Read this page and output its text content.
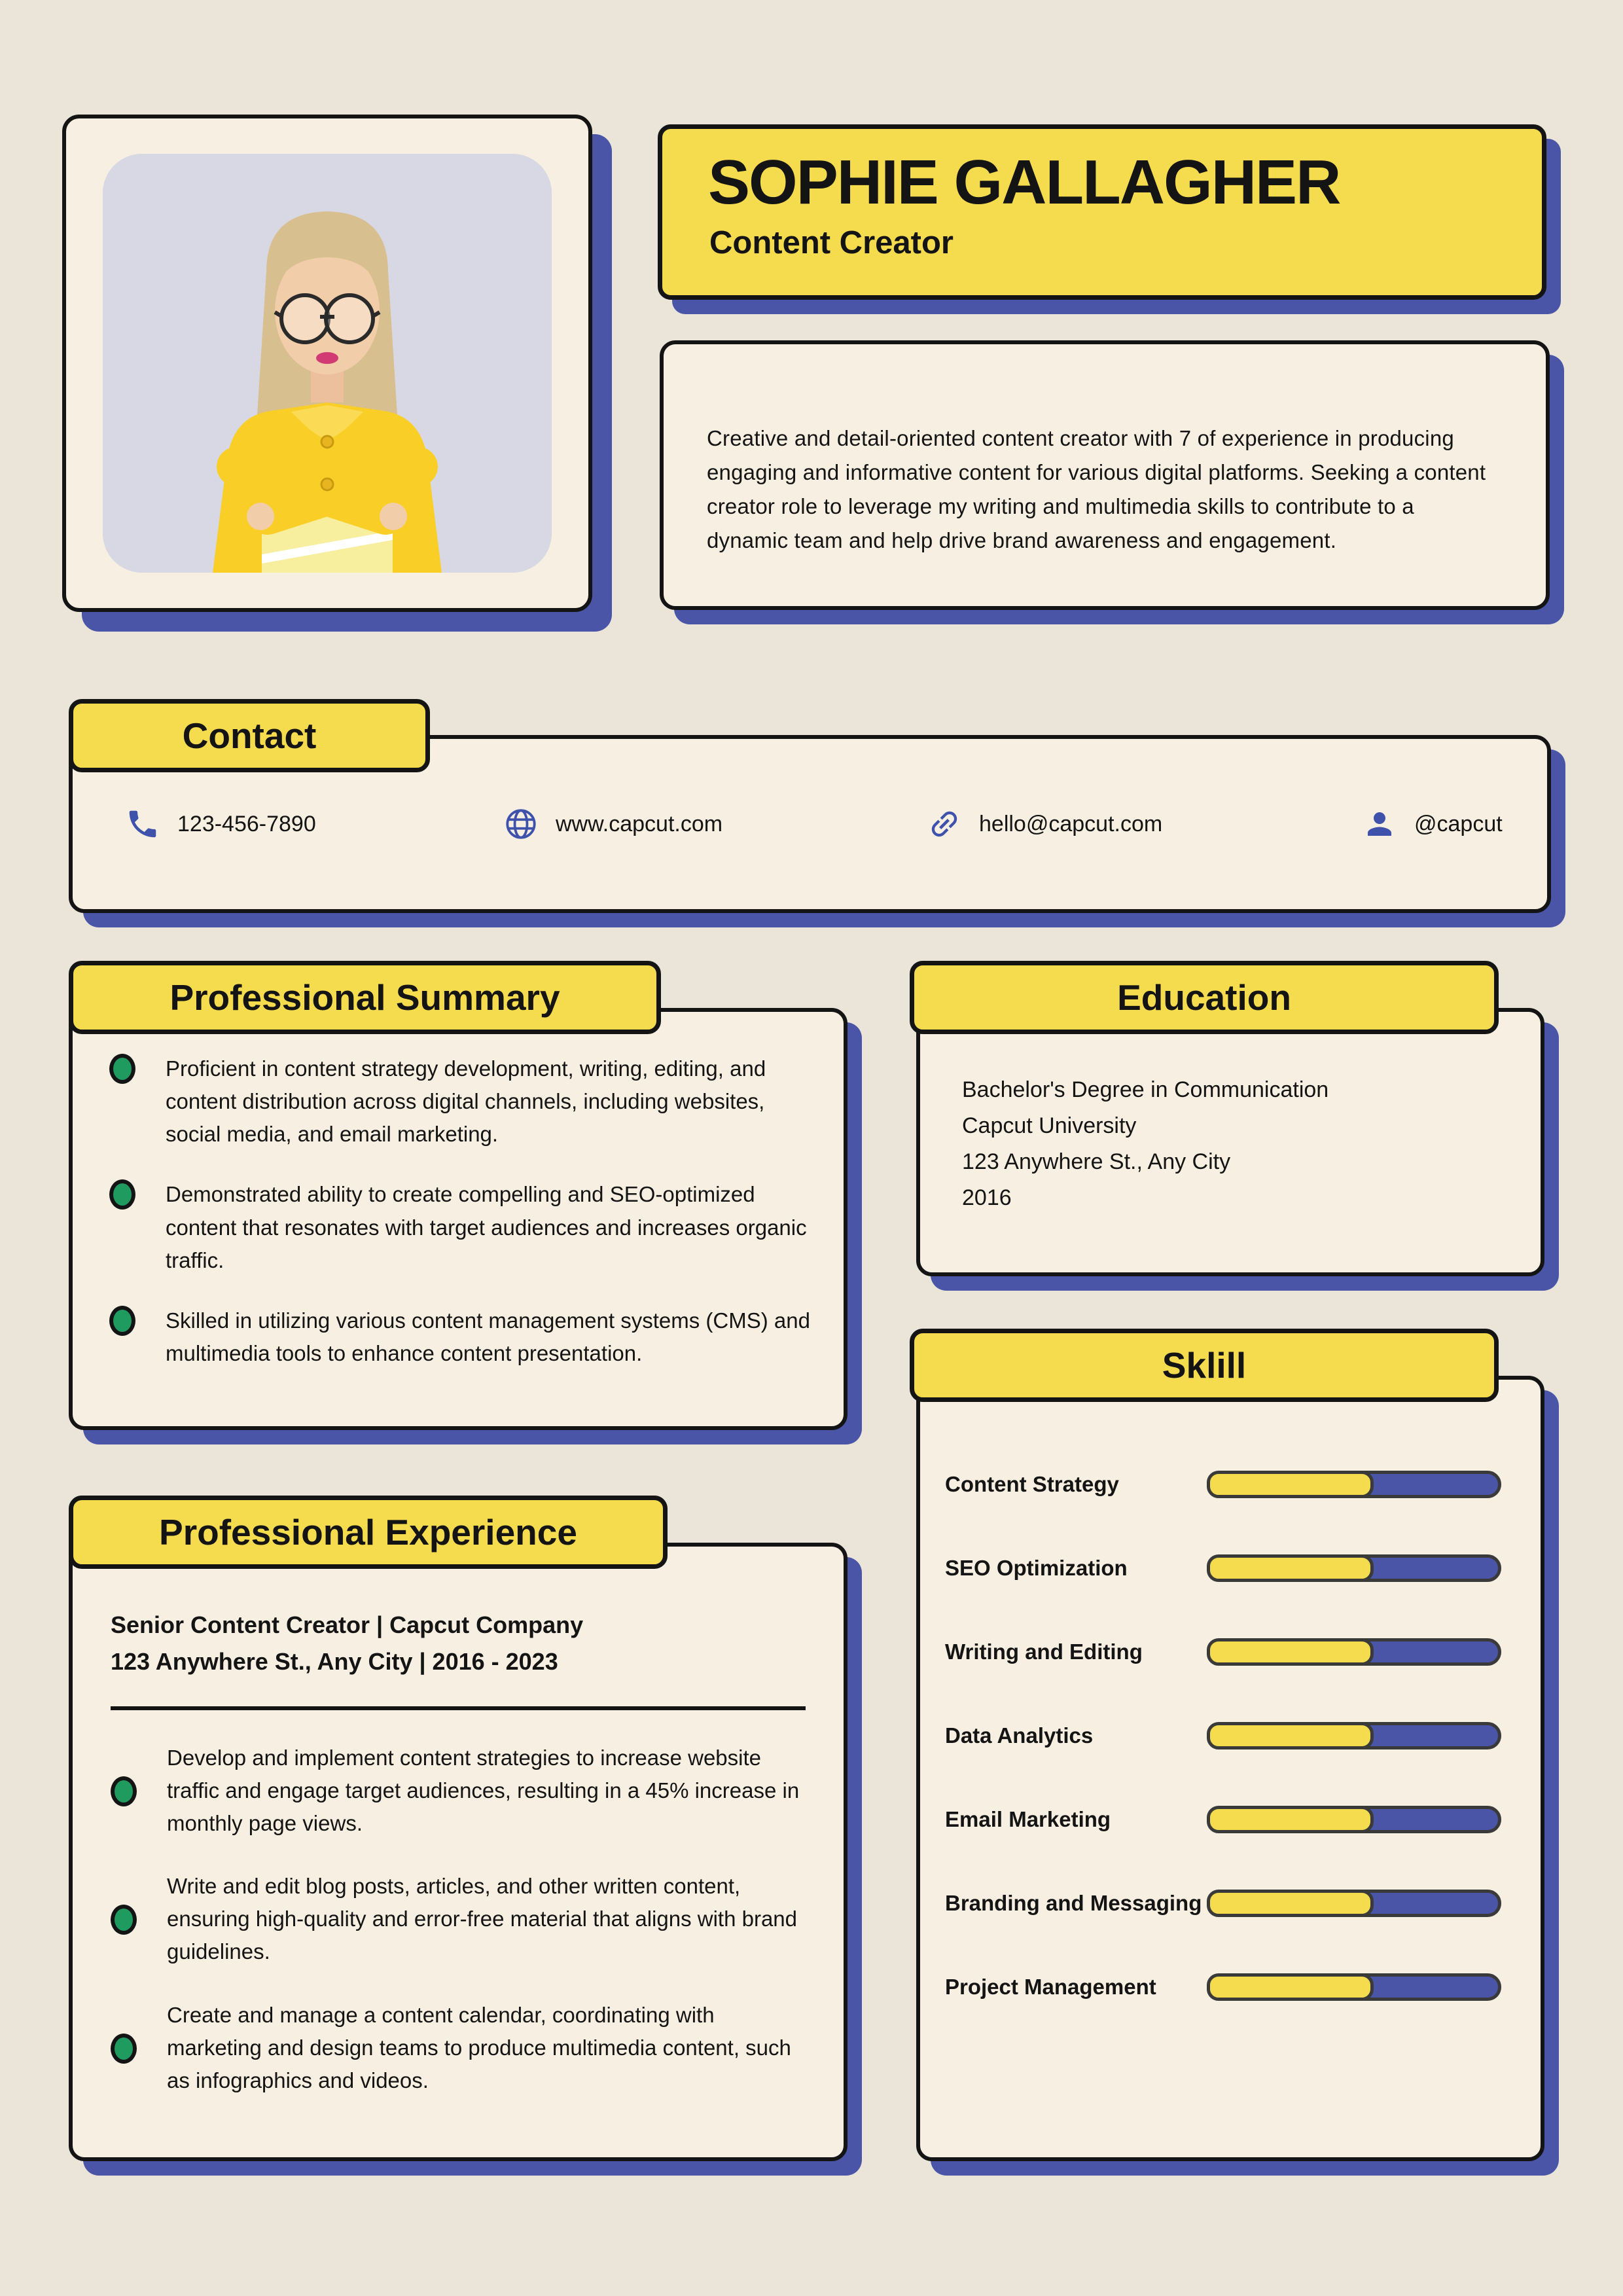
SOPHIE GALLAGHER
Content Creator

Creative and detail-oriented content creator with 7 of experience in producing engaging and informative content for various digital platforms. Seeking a content creator role to leverage my writing and multimedia skills to contribute to a dynamic team and help drive brand awareness and engagement.

Contact
123-456-7890	www.capcut.com	hello@capcut.com	@capcut
Professional Summary

Proficient in content strategy development, writing, editing, and content distribution across digital channels, including websites, social media, and email marketing.

Demonstrated ability to create compelling and SEO-optimized content that resonates with target audiences and increases organic traffic.

Skilled in utilizing various content management systems (CMS) and multimedia tools to enhance content presentation.

Education
Bachelor's Degree in Communication
Capcut University
123 Anywhere St., Any City
2016
Sklill
Content Strategy
SEO Optimization
Writing and Editing
Data Analytics
Email Marketing
Branding and Messaging
Project Management
Professional Experience

Senior Content Creator | Capcut Company

123 Anywhere St., Any City | 2016 - 2023

Develop and implement content strategies to increase website traffic and engage target audiences, resulting in a 45% increase in monthly page views.

Write and edit blog posts, articles, and other written content, ensuring high-quality and error-free material that aligns with brand guidelines.

Create and manage a content calendar, coordinating with marketing and design teams to produce multimedia content, such as infographics and videos.
